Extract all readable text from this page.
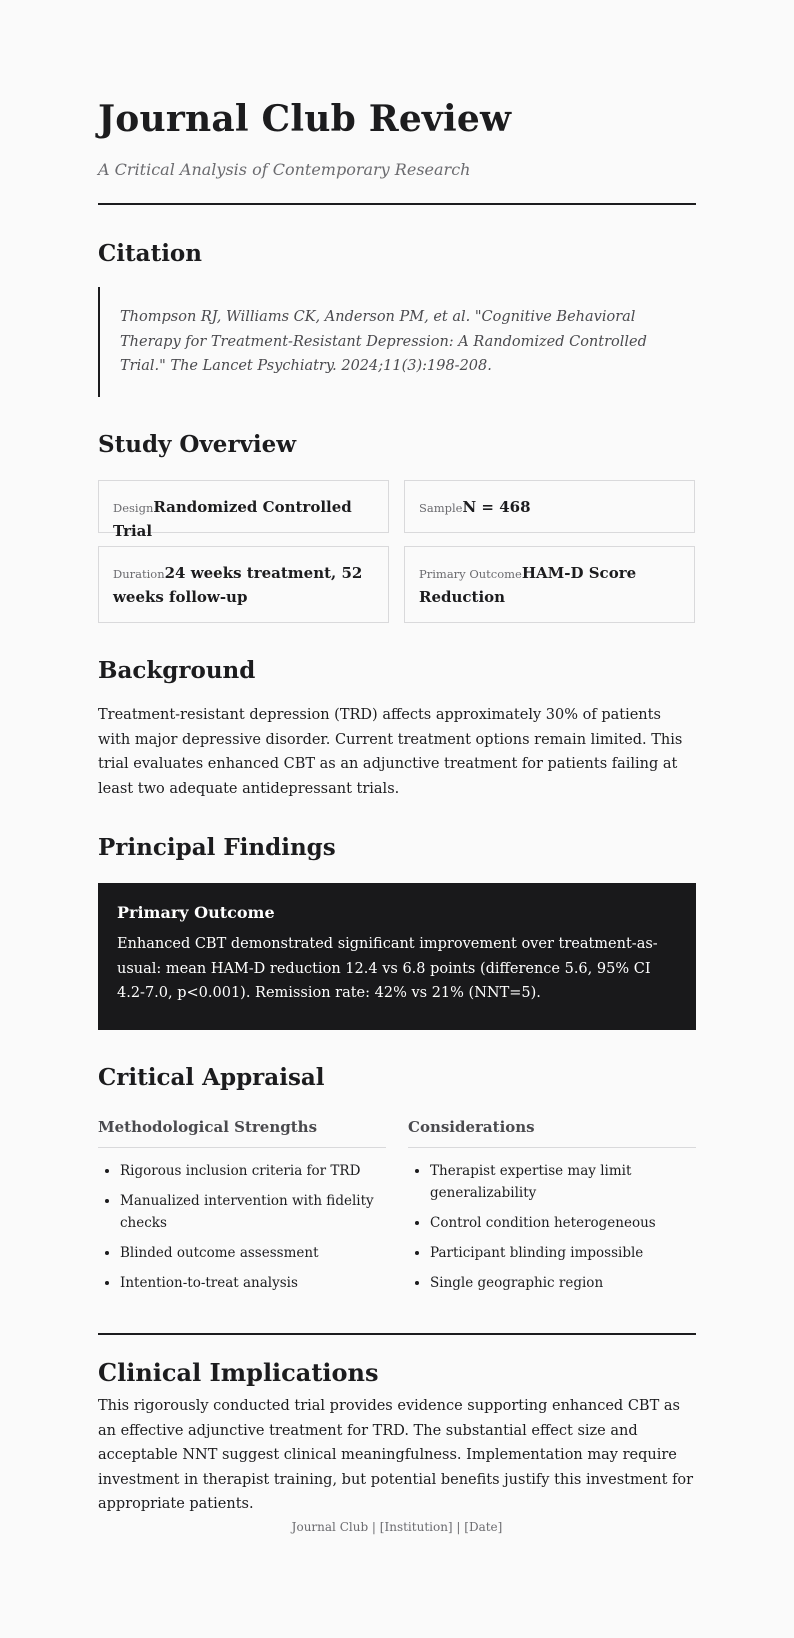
Journal Club Review

A Critical Analysis of Contemporary Research

Citation
Thompson RJ, Williams CK, Anderson PM, et al. "Cognitive Behavioral Therapy for Treatment-Resistant Depression: A Randomized Controlled Trial." The Lancet Psychiatry. 2024;11(3):198-208.
Study Overview
DesignRandomized Controlled Trial
SampleN = 468
Duration24 weeks treatment, 52 weeks follow-up
Primary OutcomeHAM-D Score Reduction
Background

Treatment-resistant depression (TRD) affects approximately 30% of patients with major depressive disorder. Current treatment options remain limited. This trial evaluates enhanced CBT as an adjunctive treatment for patients failing at least two adequate antidepressant trials.

Principal Findings

Primary Outcome

Enhanced CBT demonstrated significant improvement over treatment-as-usual: mean HAM-D reduction 12.4 vs 6.8 points (difference 5.6, 95% CI 4.2-7.0, p<0.001). Remission rate: 42% vs 21% (NNT=5).

Critical Appraisal
Methodological Strengths
• Rigorous inclusion criteria for TRD
• Manualized intervention with fidelity checks
• Blinded outcome assessment
• Intention-to-treat analysis
Considerations
• Therapist expertise may limit generalizability
• Control condition heterogeneous
• Participant blinding impossible
• Single geographic region
Clinical Implications

This rigorously conducted trial provides evidence supporting enhanced CBT as an effective adjunctive treatment for TRD. The substantial effect size and acceptable NNT suggest clinical meaningfulness. Implementation may require investment in therapist training, but potential benefits justify this investment for appropriate patients.

Journal Club | [Institution] | [Date]
